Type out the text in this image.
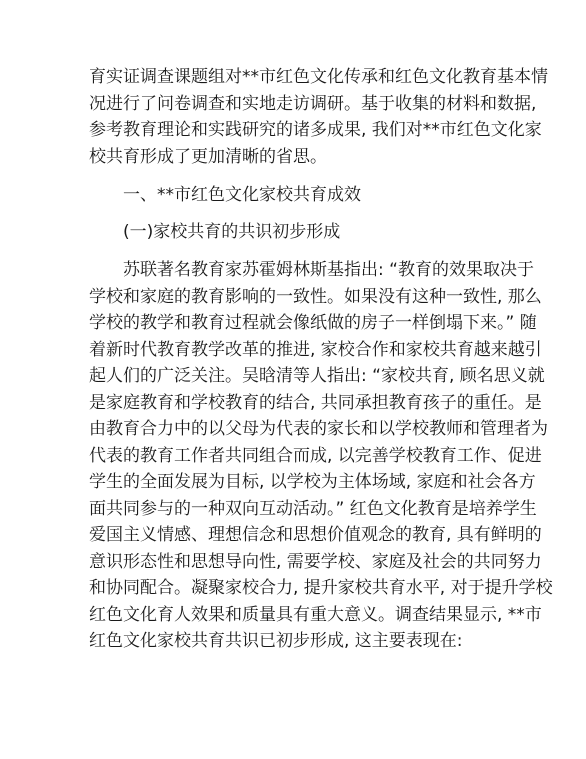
育实证调查课题组对**市红色文化传承和红色文化教育基本情
况进行了问卷调查和实地走访调研。基于收集的材料和数据,
参考教育理论和实践研究的诸多成果, 我们对**市红色文化家
校共育形成了更加清晰的省思。
一、**市红色文化家校共育成效
(一)家校共育的共识初步形成
苏联著名教育家苏霍姆林斯基指出: “教育的效果取决于
学校和家庭的教育影响的一致性。如果没有这种一致性, 那么
学校的教学和教育过程就会像纸做的房子一样倒塌下来。” 随
着新时代教育教学改革的推进, 家校合作和家校共育越来越引
起人们的广泛关注。吴晗清等人指出: “家校共育, 顾名思义就
是家庭教育和学校教育的结合, 共同承担教育孩子的重任。是
由教育合力中的以父母为代表的家长和以学校教师和管理者为
代表的教育工作者共同组合而成, 以完善学校教育工作、促进
学生的全面发展为目标, 以学校为主体场域, 家庭和社会各方
面共同参与的一种双向互动活动。” 红色文化教育是培养学生
爱国主义情感、理想信念和思想价值观念的教育, 具有鲜明的
意识形态性和思想导向性, 需要学校、家庭及社会的共同努力
和协同配合。凝聚家校合力, 提升家校共育水平, 对于提升学校
红色文化育人效果和质量具有重大意义。调查结果显示, **市
红色文化家校共育共识已初步形成, 这主要表现在:
